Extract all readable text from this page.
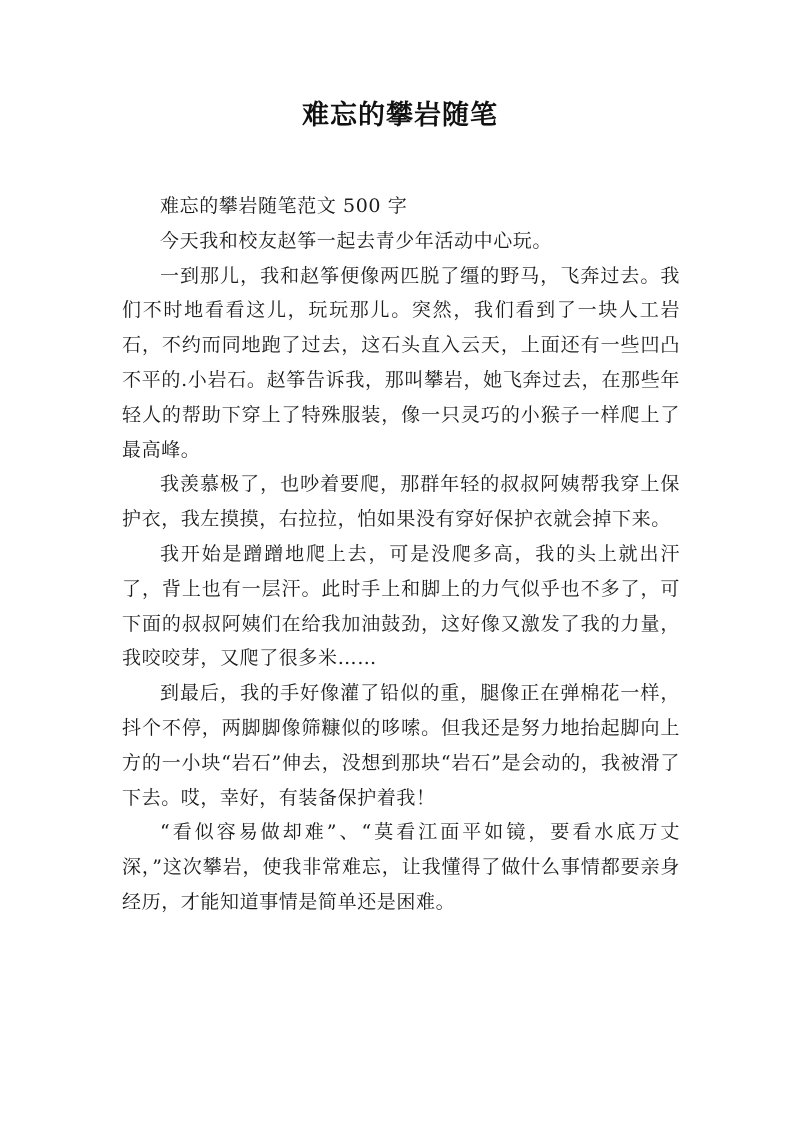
难忘的攀岩随笔

难忘的攀岩随笔范文 500 字

今天我和校友赵筝一起去青少年活动中心玩。

一到那儿，我和赵筝便像两匹脱了缰的野马，飞奔过去。我们不时地看看这儿，玩玩那儿。突然，我们看到了一块人工岩石，不约而同地跑了过去，这石头直入云天，上面还有一些凹凸不平的.小岩石。赵筝告诉我，那叫攀岩，她飞奔过去，在那些年轻人的帮助下穿上了特殊服装，像一只灵巧的小猴子一样爬上了最高峰。

我羡慕极了，也吵着要爬，那群年轻的叔叔阿姨帮我穿上保护衣，我左摸摸，右拉拉，怕如果没有穿好保护衣就会掉下来。

我开始是蹭蹭地爬上去，可是没爬多高，我的头上就出汗了，背上也有一层汗。此时手上和脚上的力气似乎也不多了，可下面的叔叔阿姨们在给我加油鼓劲，这好像又激发了我的力量，我咬咬芽，又爬了很多米……

到最后，我的手好像灌了铅似的重，腿像正在弹棉花一样，抖个不停，两脚脚像筛糠似的哆嗦。但我还是努力地抬起脚向上方的一小块“岩石”伸去，没想到那块“岩石”是会动的，我被滑了下去。哎，幸好，有装备保护着我！

“看似容易做却难”、“莫看江面平如镜，要看水底万丈深，”这次攀岩，使我非常难忘，让我懂得了做什么事情都要亲身经历，才能知道事情是简单还是困难。
